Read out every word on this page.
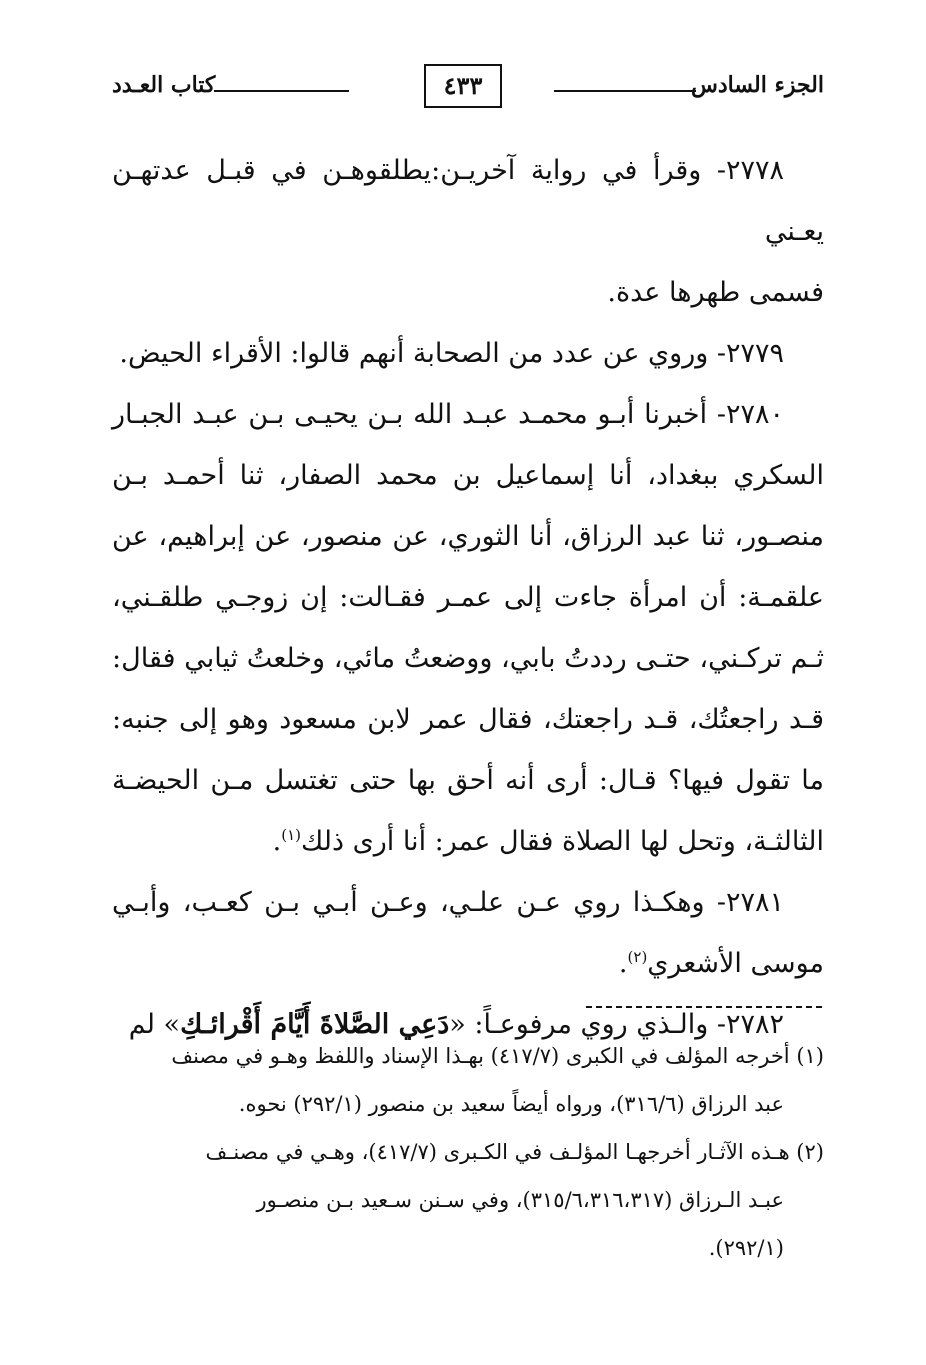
الجزء السادس
٤٣٣
كتاب العـدد

٢٧٧٨- وقرأ في رواية آخريـن:يطلقوهـن في قبـل عدتهـن يعـني

فسمى طهرها عدة.

٢٧٧٩- وروي عن عدد من الصحابة أنهم قالوا: الأقراء الحيض.

٢٧٨٠- أخبرنا أبـو محمـد عبـد الله بـن يحيـى بـن عبـد الجبـار السكري ببغداد، أنا إسماعيل بن محمد الصفار، ثنا أحمـد بـن منصـور، ثنا عبد الرزاق، أنا الثوري، عن منصور، عن إبراهيم، عن علقمـة: أن امرأة جاءت إلى عمـر فقـالت: إن زوجـي طلقـني، ثـم تركـني، حتـى رددتُ بابي، ووضعتُ مائي، وخلعتُ ثيابي فقال: قـد راجعتُك، قـد راجعتك، فقال عمر لابن مسعود وهو إلى جنبه: ما تقول فيها؟ قـال: أرى أنه أحق بها حتى تغتسل مـن الحيضـة الثالثـة، وتحل لها الصلاة فقال عمر: أنا أرى ذلك$^{(١)}$.

٢٧٨١- وهكـذا روي عـن علـي، وعـن أبـي بـن كعـب، وأبـي موسى الأشعري$^{(٢)}$.

٢٧٨٢- والـذي روي مرفوعـاً: «دَعِي الصَّلاةَ أَيَّامَ أَقْرائـكِ» لم

(١) أخرجه المؤلف في الكبرى (٤١٧/٧) بهـذا الإسناد واللفظ وهـو في مصنف
عبد الرزاق (٣١٦/٦)، ورواه أيضاً سعيد بن منصور (٢٩٢/١) نحوه.

(٢) هـذه الآثـار أخرجهـا المؤلـف في الكـبرى (٤١٧/٧)، وهـي في مصنـف
عبـد الـرزاق (٣١٥/٦،٣١٦،٣١٧)، وفي سـنن سـعيد بـن منصـور
(٢٩٢/١).
